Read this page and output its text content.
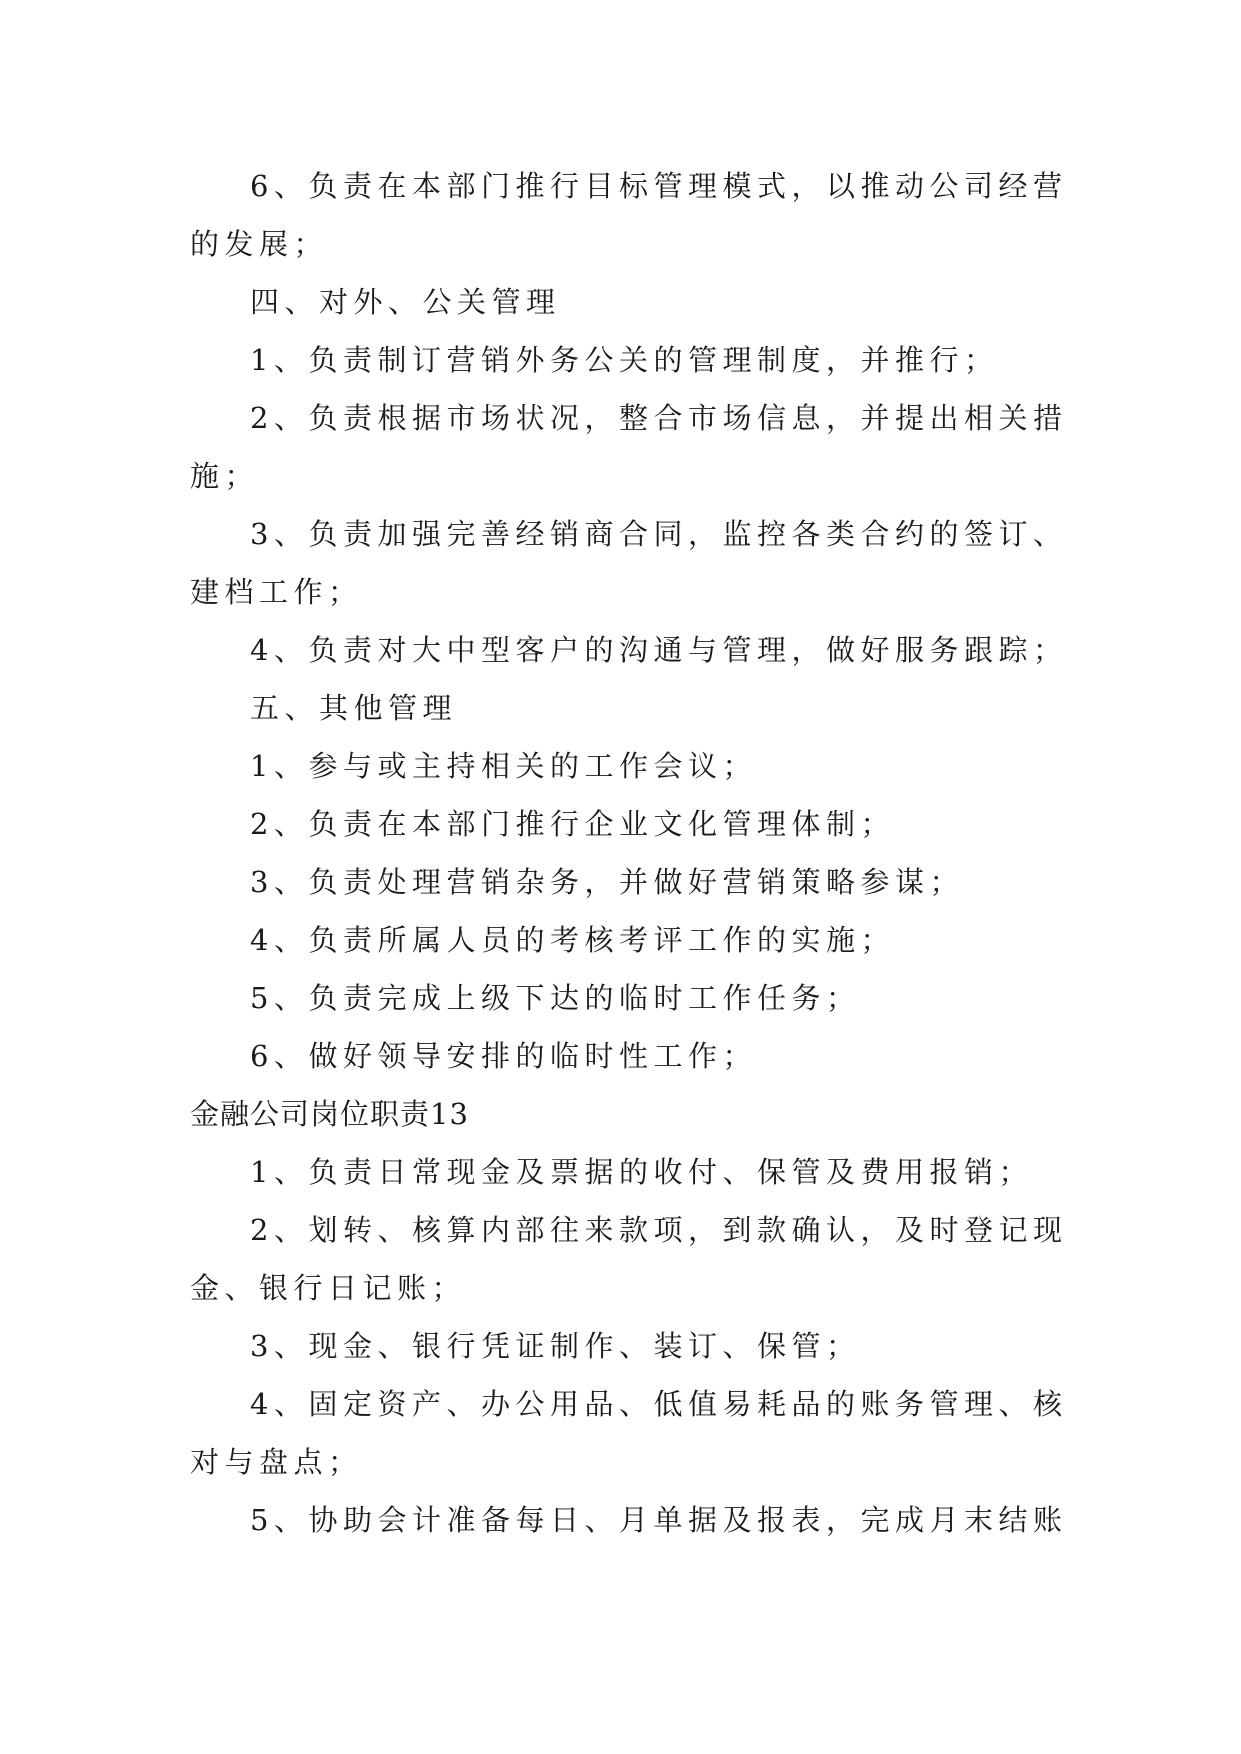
6、负责在本部门推行目标管理模式，以推动公司经营

的发展；

四、对外、公关管理

1、负责制订营销外务公关的管理制度，并推行；

2、负责根据市场状况，整合市场信息，并提出相关措

施；

3、负责加强完善经销商合同，监控各类合约的签订、

建档工作；

4、负责对大中型客户的沟通与管理，做好服务跟踪；

五、其他管理

1、参与或主持相关的工作会议；

2、负责在本部门推行企业文化管理体制；

3、负责处理营销杂务，并做好营销策略参谋；

4、负责所属人员的考核考评工作的实施；

5、负责完成上级下达的临时工作任务；

6、做好领导安排的临时性工作；

金融公司岗位职责13

1、负责日常现金及票据的收付、保管及费用报销；

2、划转、核算内部往来款项，到款确认，及时登记现

金、银行日记账；

3、现金、银行凭证制作、装订、保管；

4、固定资产、办公用品、低值易耗品的账务管理、核

对与盘点；

5、协助会计准备每日、月单据及报表，完成月末结账
